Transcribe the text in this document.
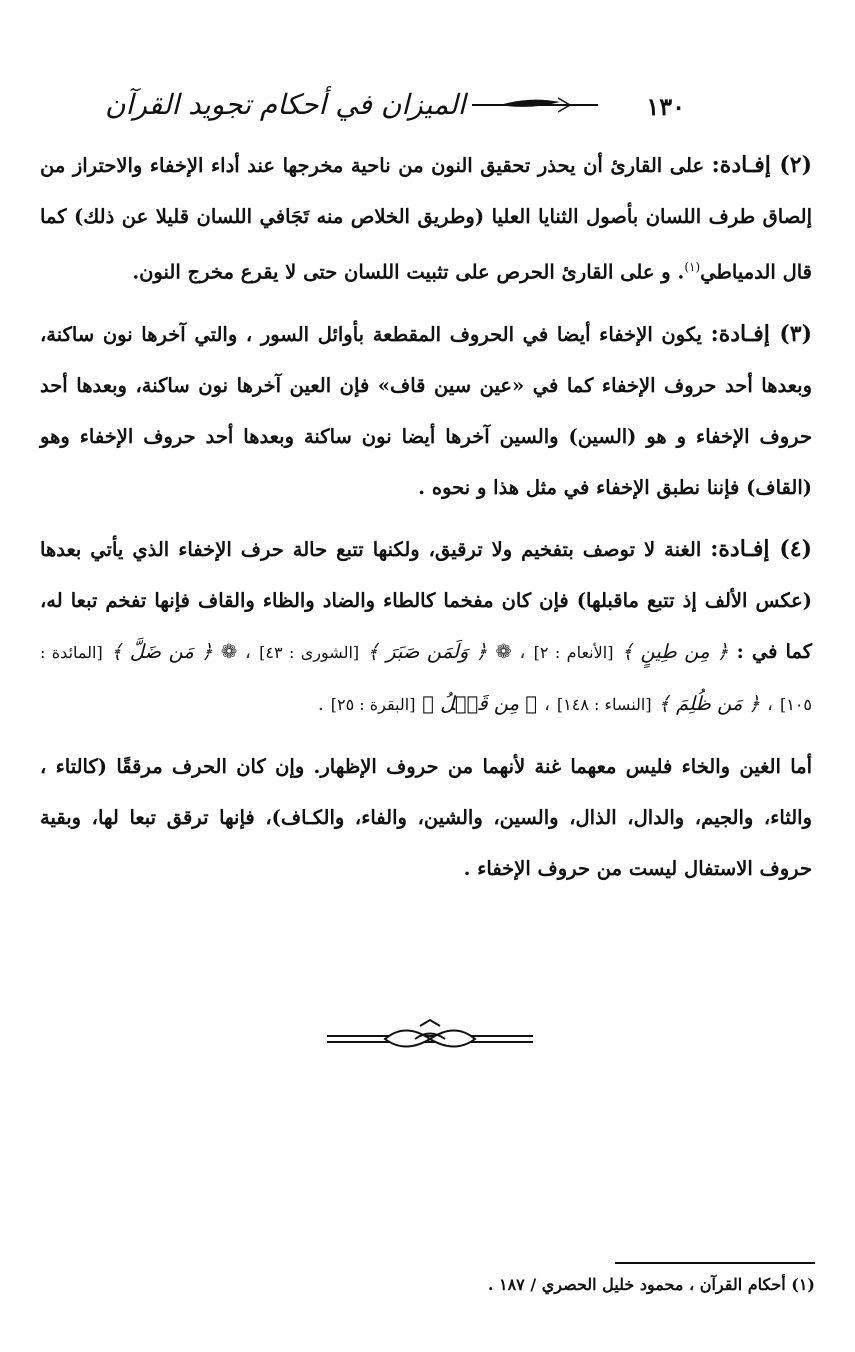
الميزان في أحكام تجويد القرآن	١٣٠

(٢) إفـادة: على القارئ أن يحذر تحقيق النون من ناحية مخرجها عند أداء الإخفاء والاحتراز من إلصاق طرف اللسان بأصول الثنايا العليا (وطريق الخلاص منه تَجَافي اللسان قليلا عن ذلك) كما قال الدمياطي$^{(١)}$. و على القارئ الحرص على تثبيت اللسان حتى لا يقرع مخرج النون.

(٣) إفـادة: يكون الإخفاء أيضا في الحروف المقطعة بأوائل السور ، والتي آخرها نون ساكنة، وبعدها أحد حروف الإخفاء كما في «عين سين قاف» فإن العين آخرها نون ساكنة، وبعدها أحد حروف الإخفاء و هو (السين) والسين آخرها أيضا نون ساكنة وبعدها أحد حروف الإخفاء وهو (القاف) فإننا نطبق الإخفاء في مثل هذا و نحوه .

(٤) إفـادة: الغنة لا توصف بتفخيم ولا ترقيق، ولكنها تتبع حالة حرف الإخفاء الذي يأتي بعدها (عكس الألف إذ تتبع ماقبلها) فإن كان مفخما كالطاء والضاد والظاء والقاف فإنها تفخم تبعا له، كما في : ﴿ مِن طِينٍ ﴾ [الأنعام : ٢] ، ❁ ﴿ وَلَمَن صَبَرَ ﴾ [الشورى : ٤٣] ، ❁ ﴿ مَن ضَلَّ ﴾ [المائدة : ١٠٥] ، ﴿ مَن ظُلِمَ ﴾ [النساء : ١٤٨] ، ﴿ مِن قَبۡلُ ﴾ [البقرة : ٢٥] .

أما الغين والخاء فليس معهما غنة لأنهما من حروف الإظهار. وإن كان الحرف مرققًا (كالتاء ، والثاء، والجيم، والدال، الذال، والسين، والشين، والفاء، والكـاف)، فإنها ترقق تبعا لها، وبقية حروف الاستفال ليست من حروف الإخفاء .

(١) أحكام القرآن ، محمود خليل الحصري / ١٨٧ .
